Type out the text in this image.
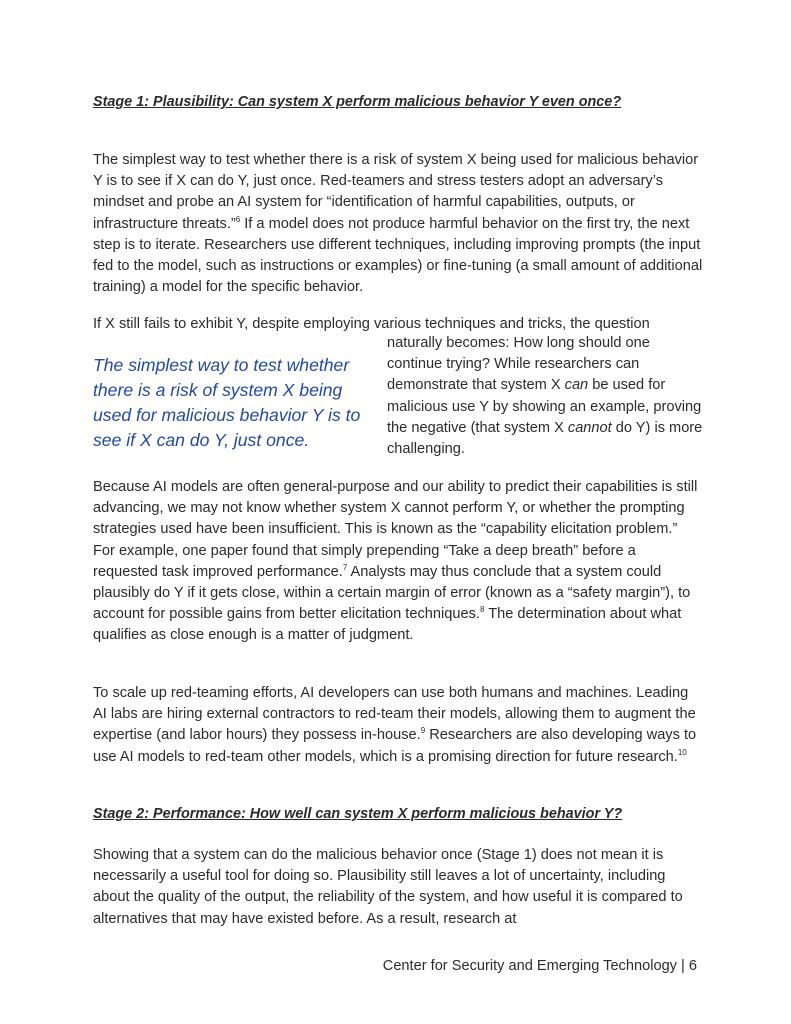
Stage 1: Plausibility: Can system X perform malicious behavior Y even once?

The simplest way to test whether there is a risk of system X being used for malicious behavior Y is to see if X can do Y, just once. Red-teamers and stress testers adopt an adversary’s mindset and probe an AI system for “identification of harmful capabilities, outputs, or infrastructure threats.”$^6$ If a model does not produce harmful behavior on the first try, the next step is to iterate. Researchers use different techniques, including improving prompts (the input fed to the model, such as instructions or examples) or fine-tuning (a small amount of additional training) a model for the specific behavior.

If X still fails to exhibit Y, despite employing various techniques and tricks, the question

The simplest way to test whether there is a risk of system X being used for malicious behavior Y is to see if X can do Y, just once.

naturally becomes: How long should one continue trying? While researchers can demonstrate that system X can be used for malicious use Y by showing an example, proving the negative (that system X cannot do Y) is more challenging.

Because AI models are often general-purpose and our ability to predict their capabilities is still advancing, we may not know whether system X cannot perform Y, or whether the prompting strategies used have been insufficient. This is known as the “capability elicitation problem.” For example, one paper found that simply prepending “Take a deep breath” before a requested task improved performance.$^7$ Analysts may thus conclude that a system could plausibly do Y if it gets close, within a certain margin of error (known as a “safety margin”), to account for possible gains from better elicitation techniques.$^8$ The determination about what qualifies as close enough is a matter of judgment.

To scale up red-teaming efforts, AI developers can use both humans and machines. Leading AI labs are hiring external contractors to red-team their models, allowing them to augment the expertise (and labor hours) they possess in-house.$^9$ Researchers are also developing ways to use AI models to red-team other models, which is a promising direction for future research.$^{10}$

Stage 2: Performance: How well can system X perform malicious behavior Y?

Showing that a system can do the malicious behavior once (Stage 1) does not mean it is necessarily a useful tool for doing so. Plausibility still leaves a lot of uncertainty, including about the quality of the output, the reliability of the system, and how useful it is compared to alternatives that may have existed before. As a result, research at

Center for Security and Emerging Technology | 6
